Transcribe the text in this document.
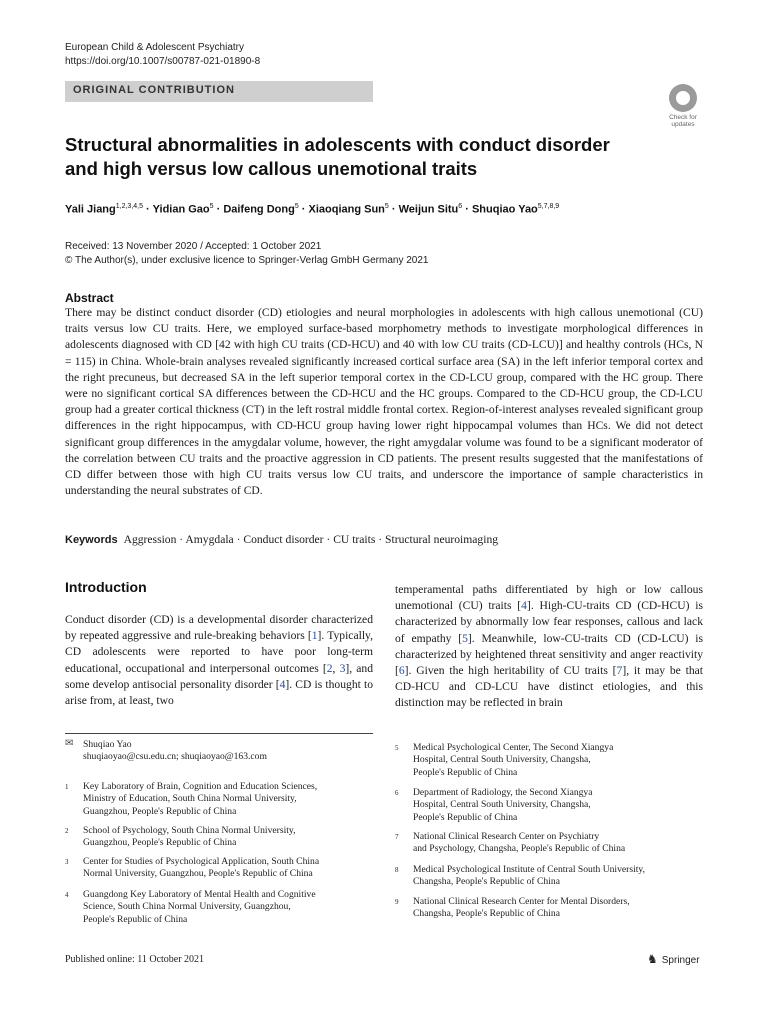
European Child & Adolescent Psychiatry
https://doi.org/10.1007/s00787-021-01890-8
ORIGINAL CONTRIBUTION
Check for
updates
Structural abnormalities in adolescents with conduct disorder
and high versus low callous unemotional traits
Yali Jiang$^{1,2,3,4,5}$ · Yidian Gao$^5$ · Daifeng Dong$^5$ · Xiaoqiang Sun$^5$ · Weijun Situ$^6$ · Shuqiao Yao$^{5,7,8,9}$
Received: 13 November 2020 / Accepted: 1 October 2021
© The Author(s), under exclusive licence to Springer-Verlag GmbH Germany 2021
Abstract
There may be distinct conduct disorder (CD) etiologies and neural morphologies in adolescents with high callous unemotional (CU) traits versus low CU traits. Here, we employed surface-based morphometry methods to investigate morphological differences in adolescents diagnosed with CD [42 with high CU traits (CD-HCU) and 40 with low CU traits (CD-LCU)] and healthy controls (HCs, N = 115) in China. Whole-brain analyses revealed significantly increased cortical surface area (SA) in the left inferior temporal cortex and the right precuneus, but decreased SA in the left superior temporal cortex in the CD-LCU group, compared with the HC group. There were no significant cortical SA differences between the CD-HCU and the HC groups. Compared to the CD-HCU group, the CD-LCU group had a greater cortical thickness (CT) in the left rostral middle frontal cortex. Region-of-interest analyses revealed significant group differences in the right hippocampus, with CD-HCU group having lower right hippocampal volumes than HCs. We did not detect significant group differences in the amygdalar volume, however, the right amygdalar volume was found to be a significant moderator of the correlation between CU traits and the proactive aggression in CD patients. The present results suggested that the manifestations of CD differ between those with high CU traits versus low CU traits, and underscore the importance of sample characteristics in understanding the neural substrates of CD.
Keywords Aggression · Amygdala · Conduct disorder · CU traits · Structural neuroimaging
Introduction
Conduct disorder (CD) is a developmental disorder characterized by repeated aggressive and rule-breaking behaviors [1]. Typically, CD adolescents were reported to have poor long-term educational, occupational and interpersonal outcomes [2, 3], and some develop antisocial personality disorder [4]. CD is thought to arise from, at least, two
temperamental paths differentiated by high or low callous unemotional (CU) traits [4]. High-CU-traits CD (CD-HCU) is characterized by abnormally low fear responses, callous and lack of empathy [5]. Meanwhile, low-CU-traits CD (CD-LCU) is characterized by heightened threat sensitivity and anger reactivity [6]. Given the high heritability of CU traits [7], it may be that CD-HCU and CD-LCU have distinct etiologies, and this distinction may be reflected in brain
✉ Shuqiao Yao
shuqiaoyao@csu.edu.cn; shuqiaoyao@163.com
1 Key Laboratory of Brain, Cognition and Education Sciences,
Ministry of Education, South China Normal University,
Guangzhou, People's Republic of China
2 School of Psychology, South China Normal University,
Guangzhou, People's Republic of China
3 Center for Studies of Psychological Application, South China
Normal University, Guangzhou, People's Republic of China
4 Guangdong Key Laboratory of Mental Health and Cognitive
Science, South China Normal University, Guangzhou,
People's Republic of China
5 Medical Psychological Center, The Second Xiangya
Hospital, Central South University, Changsha,
People's Republic of China
6 Department of Radiology, the Second Xiangya
Hospital, Central South University, Changsha,
People's Republic of China
7 National Clinical Research Center on Psychiatry
and Psychology, Changsha, People's Republic of China
8 Medical Psychological Institute of Central South University,
Changsha, People's Republic of China
9 National Clinical Research Center for Mental Disorders,
Changsha, People's Republic of China
Published online: 11 October 2021	♞ Springer
